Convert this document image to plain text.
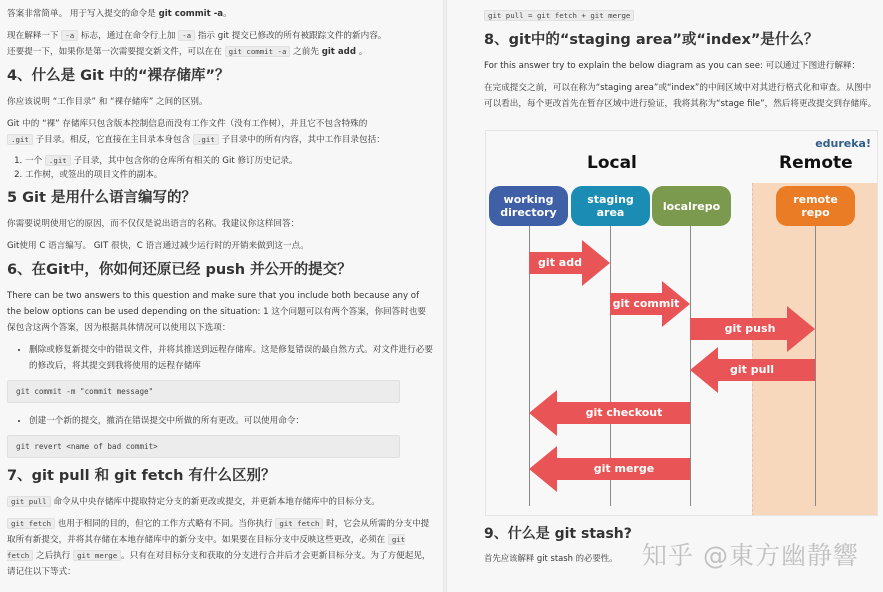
答案非常简单。 用于写入提交的命令是 git commit -a。

现在解释一下 -a 标志，通过在命令行上加 -a 指示 git 提交已修改的所有被跟踪文件的新内容。
还要提一下，如果你是第一次需要提交新文件，可以在在 git commit -a 之前先 git add 。

4、什么是 Git 中的“裸存储库”？

你应该说明 “工作目录” 和 “裸存储库” 之间的区别。

Git 中的 “裸” 存储库只包含版本控制信息而没有工作文件（没有工作树），并且它不包含特殊的
.git 子目录。相反，它直接在主目录本身包含 .git 子目录中的所有内容，其中工作目录包括：

1. 一个 .git 子目录，其中包含你的仓库所有相关的 Git 修订历史记录。
2. 工作树，或签出的项目文件的副本。
5 Git 是用什么语言编写的？

你需要说明使用它的原因，而不仅仅是说出语言的名称。我建议你这样回答：

Git使用 C 语言编写。 GIT 很快，C 语言通过减少运行时的开销来做到这一点。

6、在Git中，你如何还原已经 push 并公开的提交？

There can be two answers to this question and make sure that you include both because any of the below options can be used depending on the situation: 1 这个问题可以有两个答案，你回答时也要保包含这两个答案，因为根据具体情况可以使用以下选项：

• 删除或修复新提交中的错误文件，并将其推送到远程存储库。这是修复错误的最自然方式。对文件进行必要的修改后，将其提交到我将使用的远程存储库
git commit -m "commit message"
• 创建一个新的提交，撤消在错误提交中所做的所有更改。可以使用命令：
git revert <name of bad commit>
7、git pull 和 git fetch 有什么区别？

git pull 命令从中央存储库中提取特定分支的新更改或提交，并更新本地存储库中的目标分支。

git fetch 也用于相同的目的，但它的工作方式略有不同。当你执行 git fetch 时，它会从所需的分支中提取所有新提交，并将其存储在本地存储库中的新分支中。如果要在目标分支中反映这些更改，必须在 git fetch 之后执行 git merge 。只有在对目标分支和获取的分支进行合并后才会更新目标分支。为了方便起见，请记住以下等式：

git pull = git fetch + git merge

8、git中的“staging area”或“index”是什么？

For this answer try to explain the below diagram as you can see: 可以通过下图进行解释：

在完成提交之前，可以在称为“staging area”或“index”的中间区域中对其进行格式化和审查。从图中可以看出，每个更改首先在暂存区域中进行验证，我将其称为“stage file”，然后将更改提交到存储库。

edureka!
Local	Remote
working
directory
staging
area	localrepo	remote
repo
git add
git commit
git push
git pull
git checkout
git merge
9、什么是 git stash?

首先应该解释 git stash 的必要性。 知乎 @東方幽静響
